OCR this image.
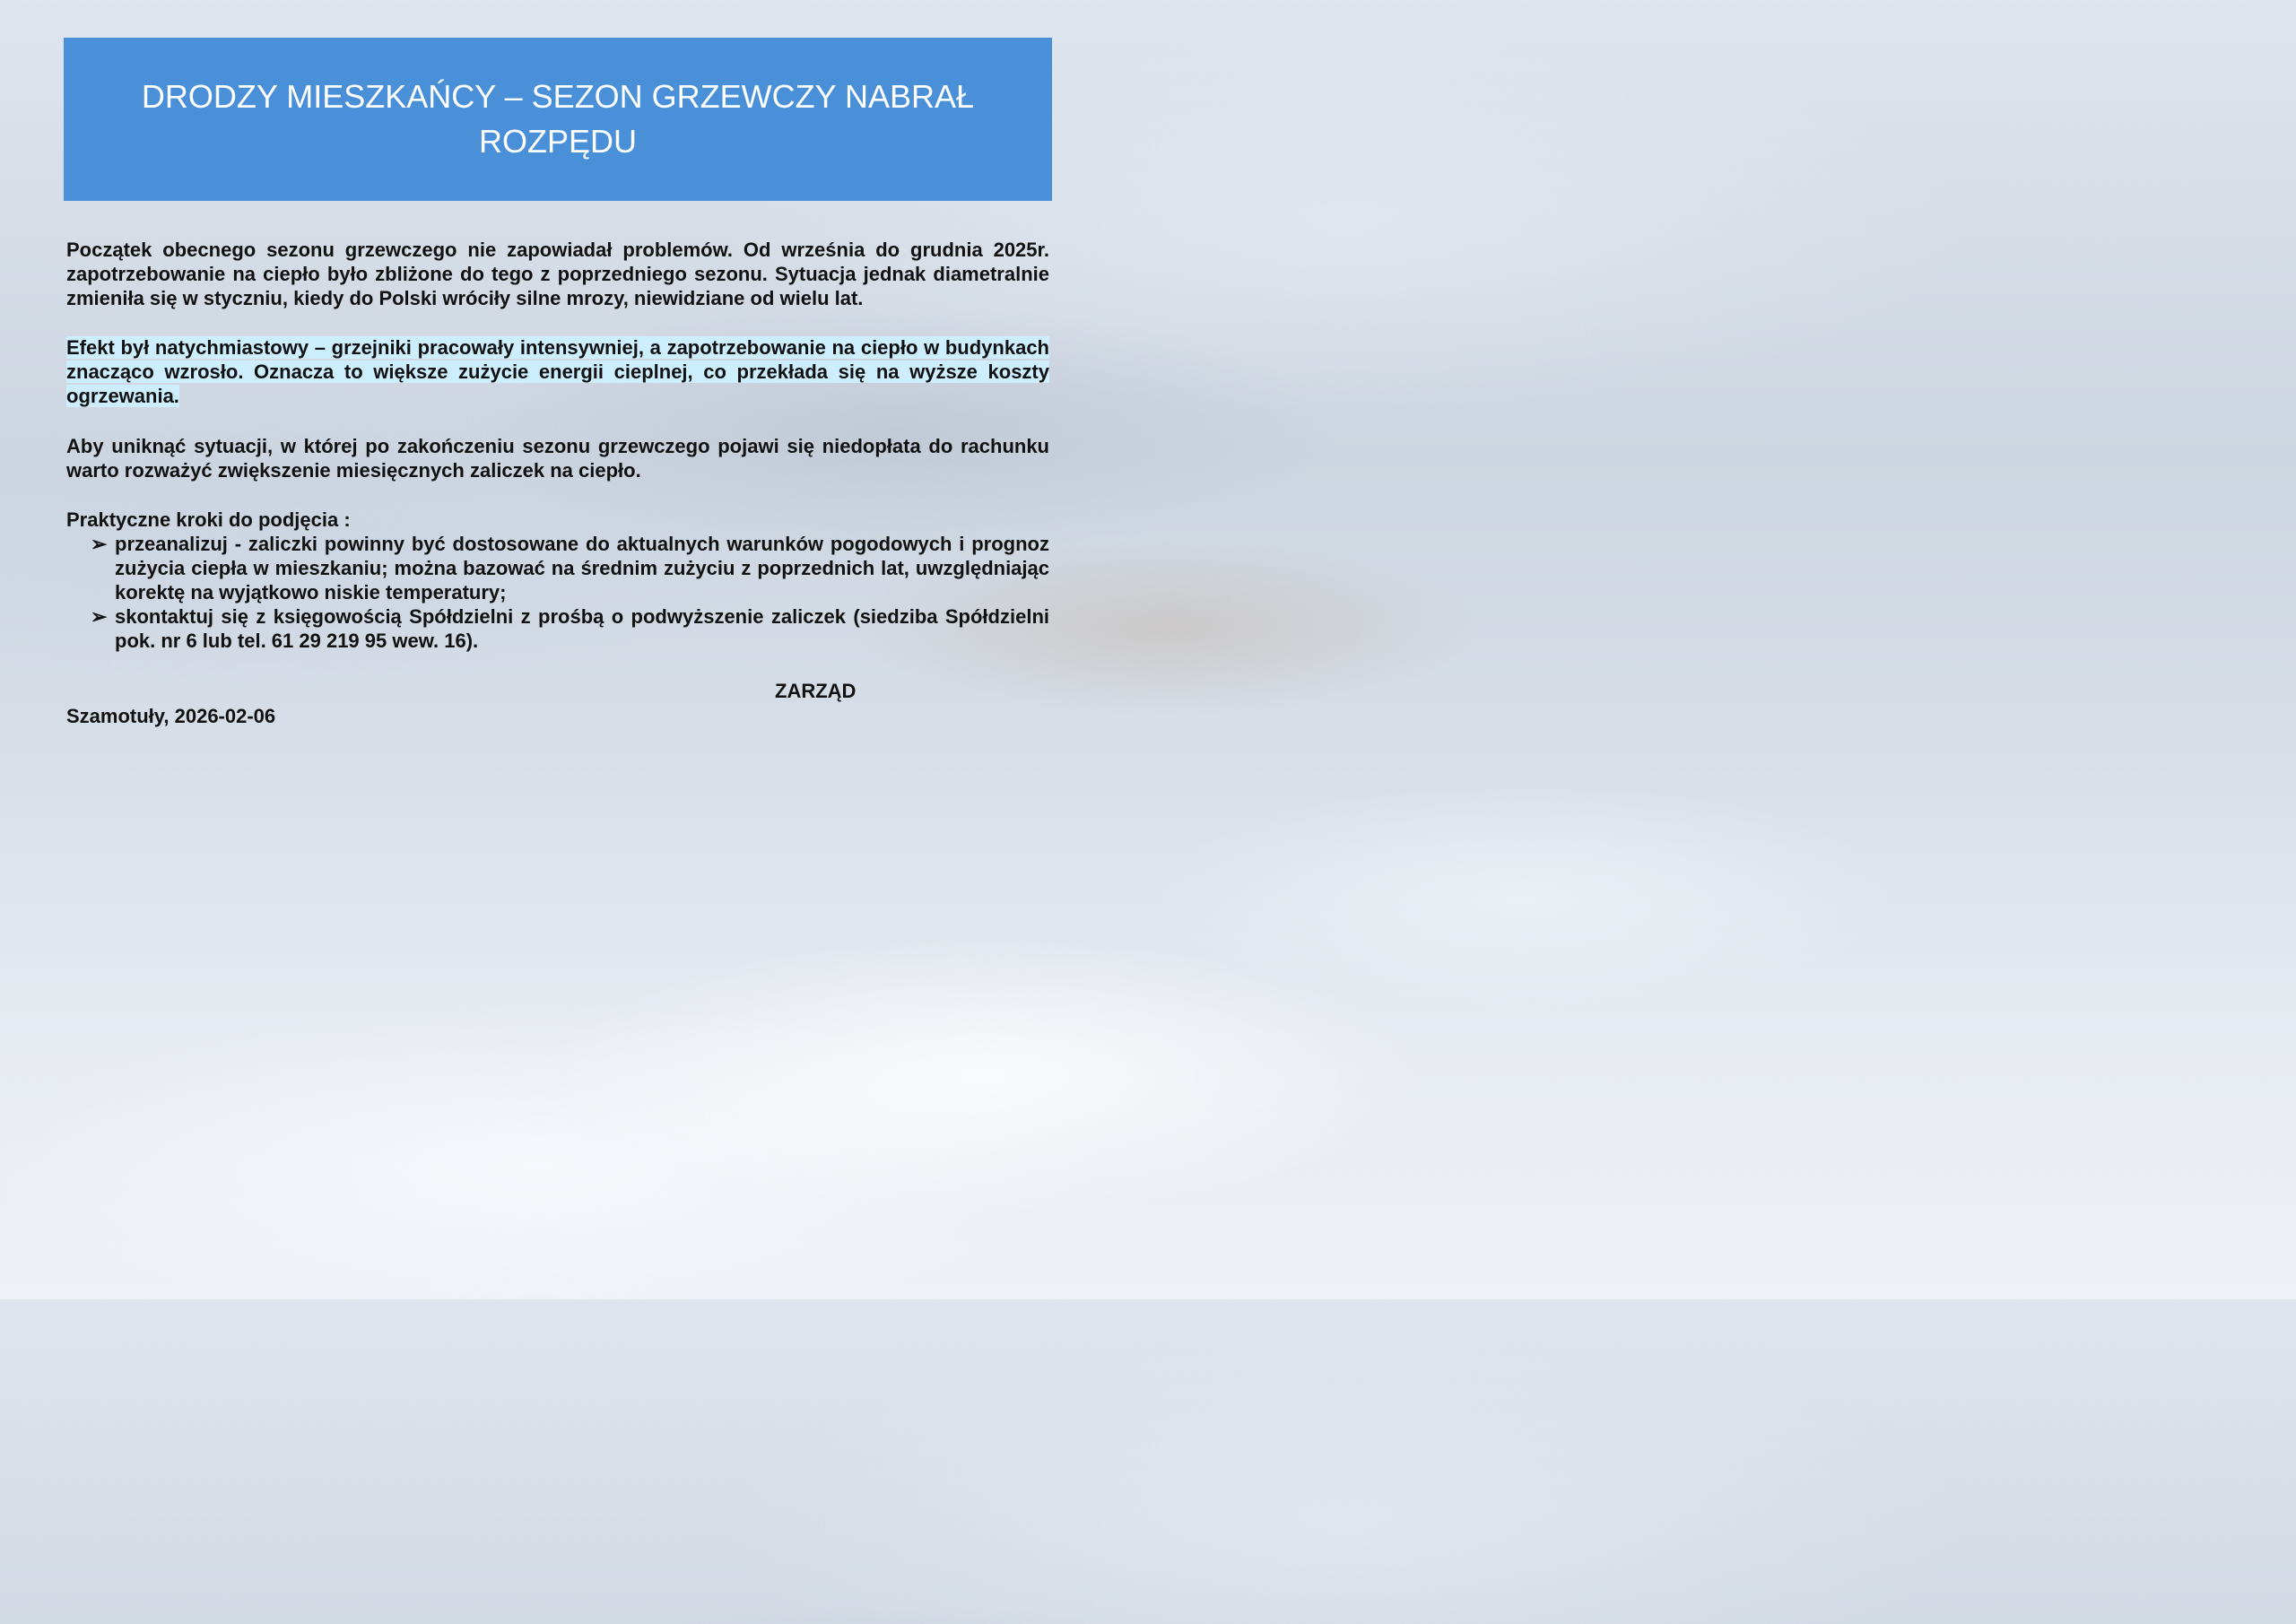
DRODZY MIESZKAŃCY – SEZON GRZEWCZY NABRAŁ ROZPĘDU

Początek obecnego sezonu grzewczego nie zapowiadał problemów. Od września do grudnia 2025r. zapotrzebowanie na ciepło było zbliżone do tego z poprzedniego sezonu. Sytuacja jednak diametralnie zmieniła się w styczniu, kiedy do Polski wróciły silne mrozy, niewidziane od wielu lat.

Efekt był natychmiastowy – grzejniki pracowały intensywniej, a zapotrzebowanie na ciepło w budynkach znacząco wzrosło. Oznacza to większe zużycie energii cieplnej, co przekłada się na wyższe koszty ogrzewania.

Aby uniknąć sytuacji, w której po zakończeniu sezonu grzewczego pojawi się niedopłata do rachunku warto rozważyć zwiększenie miesięcznych zaliczek na ciepło.

Praktyczne kroki do podjęcia :
➢ przeanalizuj - zaliczki powinny być dostosowane do aktualnych warunków pogodowych i prognoz zużycia ciepła w mieszkaniu; można bazować na średnim zużyciu z poprzednich lat, uwzględniając korektę na wyjątkowo niskie temperatury;
➢ skontaktuj się z księgowością Spółdzielni z prośbą o podwyższenie zaliczek (siedziba Spółdzielni pok. nr 6 lub tel. 61 29 219 95 wew. 16).
ZARZĄD
Szamotuły, 2026-02-06
